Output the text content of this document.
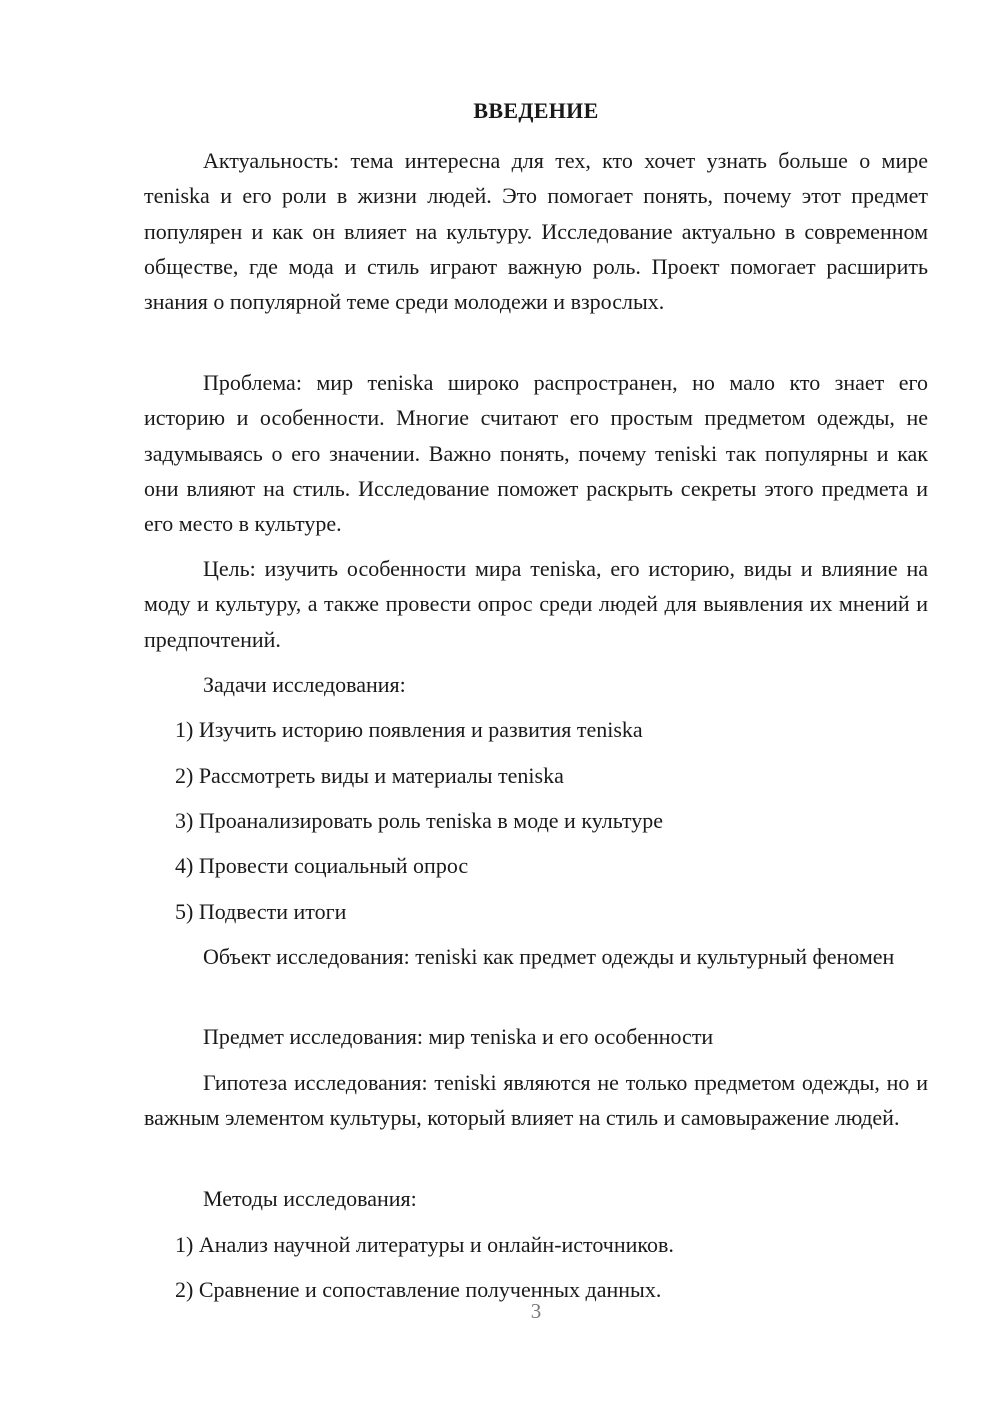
ВВЕДЕНИЕ
Актуальность: тема интересна для тех, кто хочет узнать больше о мире теniska и его роли в жизни людей. Это помогает понять, почему этот предмет популярен и как он влияет на культуру. Исследование актуально в современном обществе, где мода и стиль играют важную роль. Проект помогает расширить знания о популярной теме среди молодежи и взрослых.
Проблема: мир теniska широко распространен, но мало кто знает его историю и особенности. Многие считают его простым предметом одежды, не задумываясь о его значении. Важно понять, почему теniski так популярны и как они влияют на стиль. Исследование поможет раскрыть секреты этого предмета и его место в культуре.
Цель: изучить особенности мира теniska, его историю, виды и влияние на моду и культуру, а также провести опрос среди людей для выявления их мнений и предпочтений.
Задачи исследования:
1) Изучить историю появления и развития теniska
2) Рассмотреть виды и материалы теniska
3) Проанализировать роль теniska в моде и культуре
4) Провести социальный опрос
5) Подвести итоги
Объект исследования: теniski как предмет одежды и культурный феномен
Предмет исследования: мир теniska и его особенности
Гипотеза исследования: теniski являются не только предметом одежды, но и важным элементом культуры, который влияет на стиль и самовыражение людей.
Методы исследования:
1) Анализ научной литературы и онлайн-источников.
2) Сравнение и сопоставление полученных данных.
3
